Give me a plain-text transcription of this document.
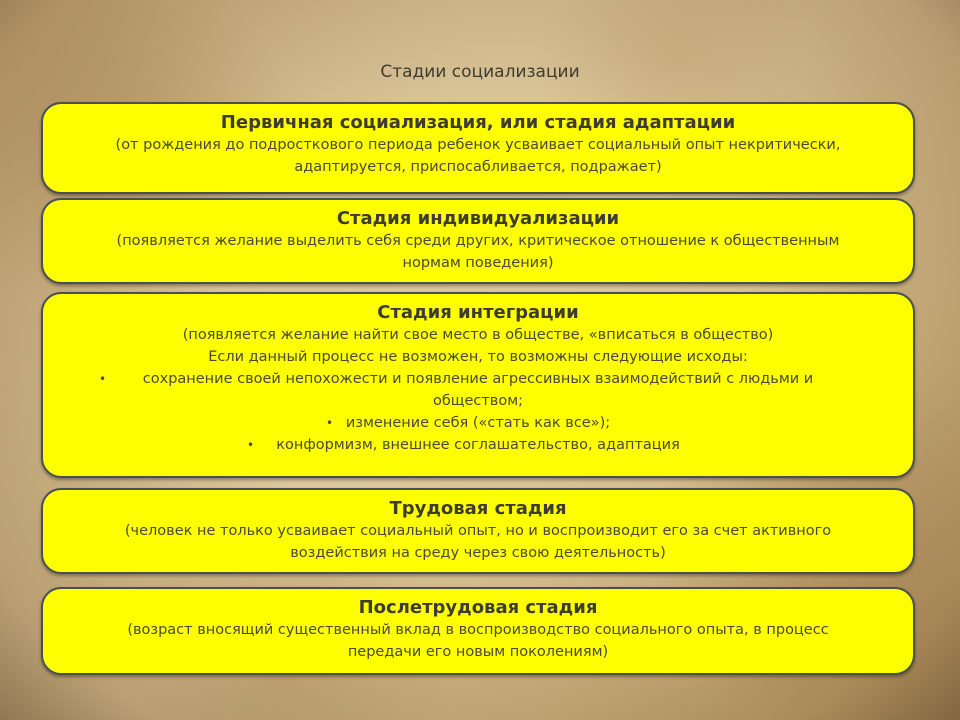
Стадии социализации
Первичная социализация, или стадия адаптации
(от рождения до подросткового периода ребенок усваивает социальный опыт некритически,
адаптируется, приспосабливается, подражает)
Стадия индивидуализации
(появляется желание выделить себя среди других, критическое отношение к общественным
нормам поведения)
Стадия интеграции
(появляется желание найти свое место в обществе, «вписаться в общество)
Если данный процесс не возможен, то возможны следующие исходы:
•	сохранение своей непохожести и появление агрессивных взаимодействий с людьми и
обществом;
• изменение себя («стать как все»);
• конформизм, внешнее соглашательство, адаптация
Трудовая стадия
(человек не только усваивает социальный опыт, но и воспроизводит его за счет активного
воздействия на среду через свою деятельность)
Послетрудовая стадия
(возраст вносящий существенный вклад в воспроизводство социального опыта, в процесс
передачи его новым поколениям)
